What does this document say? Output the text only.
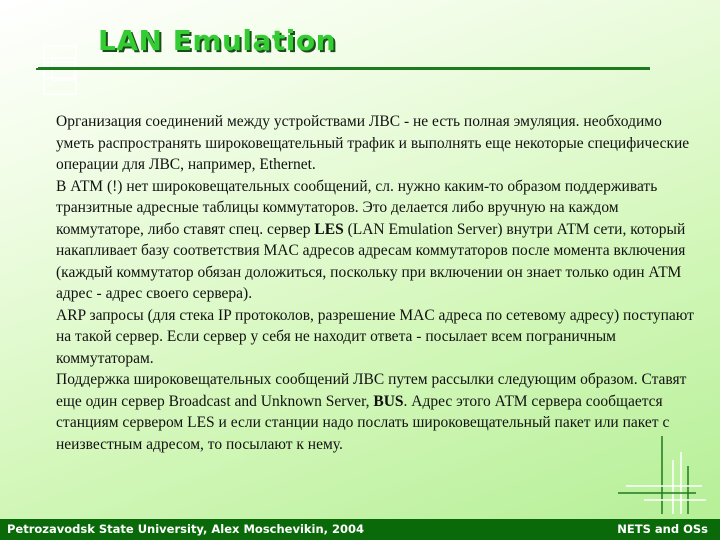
LAN Emulation

Организация соединений между устройствами ЛВС - не есть полная эмуляция. необходимо уметь распространять широковещательный трафик и выполнять еще некоторые специфические операции для ЛВС, например, Ethernet.

В АТМ (!) нет широковещательных сообщений, сл. нужно каким-то образом поддерживать транзитные адресные таблицы коммутаторов. Это делается либо вручную на каждом коммутаторе, либо ставят спец. сервер LES (LAN Emulation Server) внутри АТМ сети, который накапливает базу соответствия MAC адресов адресам коммутаторов после момента включения (каждый коммутатор обязан доложиться, поскольку при включении он знает только один АТМ адрес - адрес своего сервера).

ARP запросы (для стека IP протоколов, разрешение MAC адреса по сетевому адресу) поступают на такой сервер. Если сервер у себя не находит ответа - посылает всем пограничным коммутаторам.

Поддержка широковещательных сообщений ЛВС путем рассылки следующим образом. Ставят еще один сервер Broadcast and Unknown Server, BUS. Адрес этого АТМ сервера сообщается станциям сервером LES и если станции надо послать широковещательный пакет или пакет с неизвестным адресом, то посылают к нему.

Petrozavodsk State University, Alex Moschevikin, 2004	NETS and OSs
